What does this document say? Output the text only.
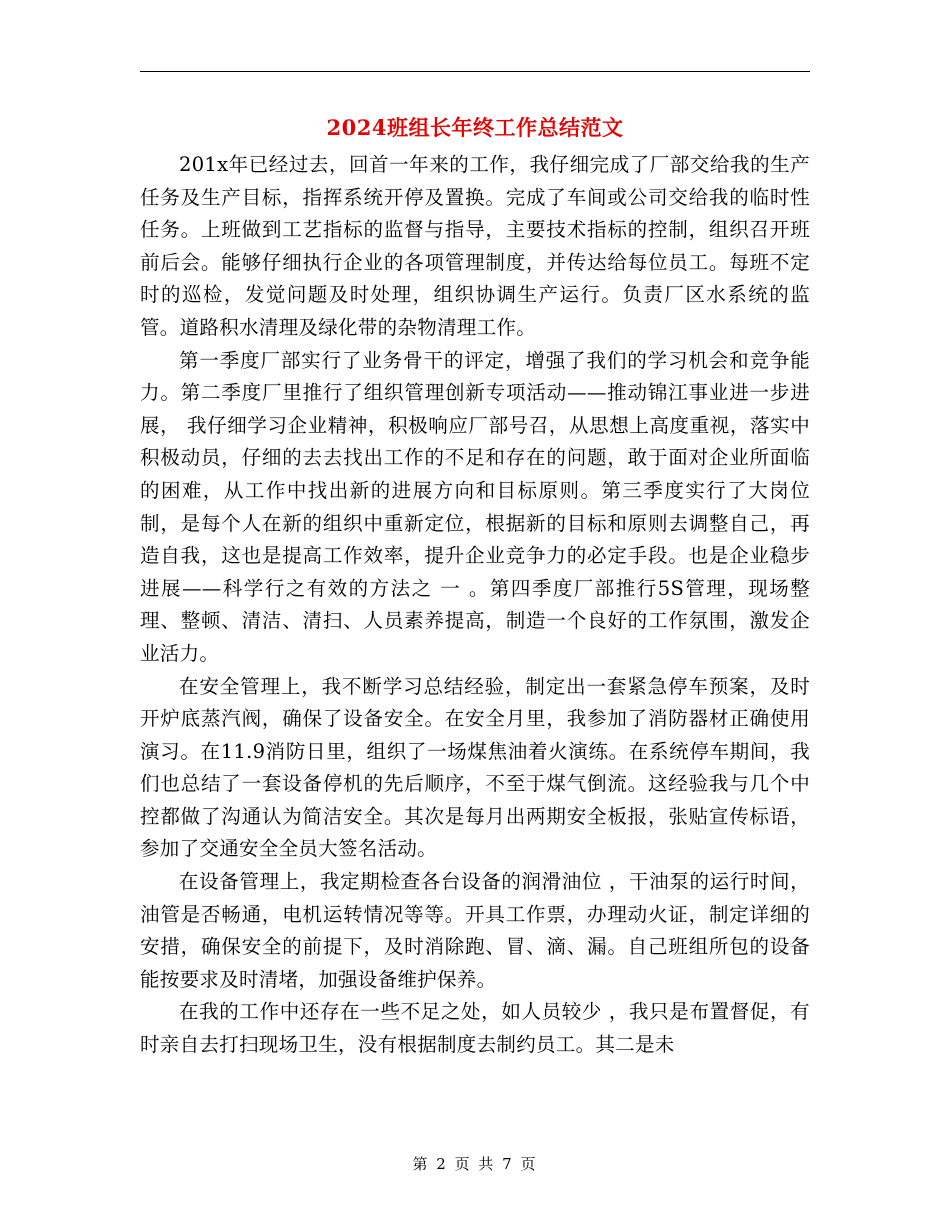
2024班组长年终工作总结范文

201x年已经过去，回首一年来的工作，我仔细完成了厂部交给我的生产任务及生产目标，指挥系统开停及置换。完成了车间或公司交给我的临时性任务。上班做到工艺指标的监督与指导，主要技术指标的控制，组织召开班前后会。能够仔细执行企业的各项管理制度，并传达给每位员工。每班不定时的巡检，发觉问题及时处理，组织协调生产运行。负责厂区水系统的监管。道路积水清理及绿化带的杂物清理工作。

第一季度厂部实行了业务骨干的评定，增强了我们的学习机会和竞争能力。第二季度厂里推行了组织管理创新专项活动——推动锦江事业进一步进展， 我仔细学习企业精神，积极响应厂部号召，从思想上高度重视，落实中积极动员，仔细的去去找出工作的不足和存在的问题，敢于面对企业所面临的困难，从工作中找出新的进展方向和目标原则。第三季度实行了大岗位制，是每个人在新的组织中重新定位，根据新的目标和原则去调整自己，再造自我，这也是提高工作效率，提升企业竞争力的必定手段。也是企业稳步进展——科学行之有效的方法之 一 。第四季度厂部推行5S管理，现场整理、整顿、清洁、清扫、人员素养提高，制造一个良好的工作氛围，激发企业活力。

在安全管理上，我不断学习总结经验，制定出一套紧急停车预案，及时开炉底蒸汽阀，确保了设备安全。在安全月里，我参加了消防器材正确使用演习。在11.9消防日里，组织了一场煤焦油着火演练。在系统停车期间，我们也总结了一套设备停机的先后顺序，不至于煤气倒流。这经验我与几个中控都做了沟通认为简洁安全。其次是每月出两期安全板报，张贴宣传标语，参加了交通安全全员大签名活动。

在设备管理上，我定期检查各台设备的润滑油位 ，干油泵的运行时间，油管是否畅通，电机运转情况等等。开具工作票，办理动火证，制定详细的安措，确保安全的前提下，及时消除跑、冒、滴、漏。自己班组所包的设备能按要求及时清堵，加强设备维护保养。

在我的工作中还存在一些不足之处，如人员较少 ，我只是布置督促，有时亲自去打扫现场卫生，没有根据制度去制约员工。其二是未

第 2 页 共 7 页
